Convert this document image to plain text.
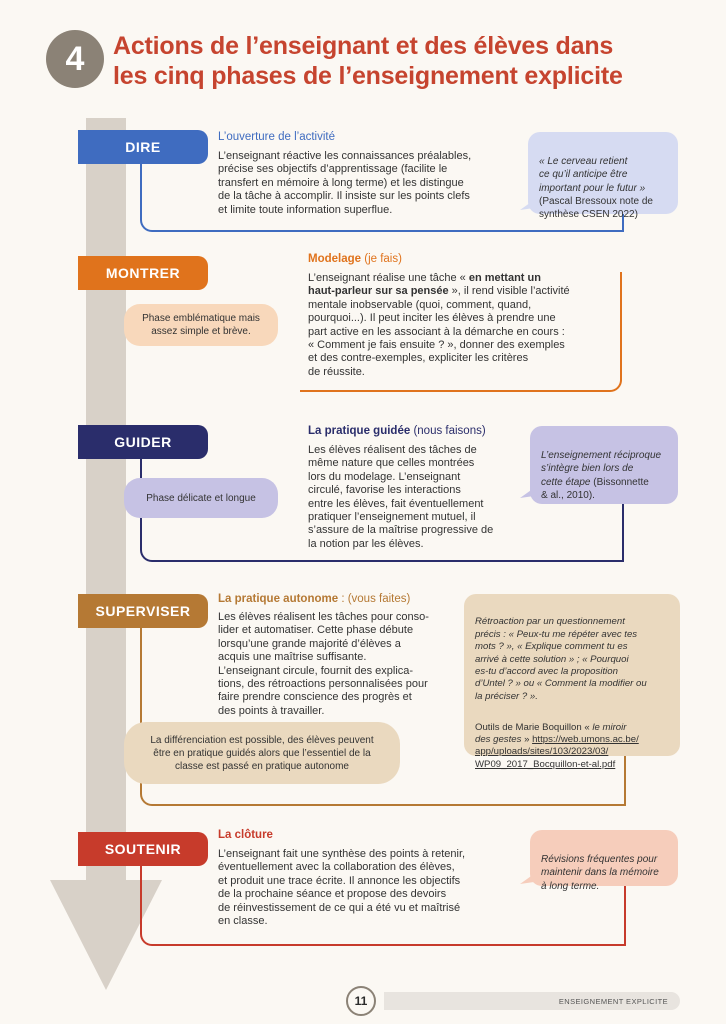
4	Actions de l’enseignant et des élèves dans
les cinq phases de l’enseignement explicite
DIRE
L’ouverture de l’activité
L’enseignant réactive les connaissances préalables,
précise ses objectifs d’apprentissage (facilite le
transfert en mémoire à long terme) et les distingue
de la tâche à accomplir. Il insiste sur les points clefs
et limite toute information superflue.

« Le cerveau retient
ce qu’il anticipe être
important pour le futur »
(Pascal Bressoux note de
synthèse CSEN 2022)

MONTRER
Modelage (je fais)
L’enseignant réalise une tâche « en mettant un
haut-parleur sur sa pensée », il rend visible l’activité
mentale inobservable (quoi, comment, quand,
pourquoi...). Il peut inciter les élèves à prendre une
part active en les associant à la démarche en cours :
« Comment je fais ensuite ? », donner des exemples
et des contre-exemples, expliciter les critères
de réussite.
Phase emblématique mais
assez simple et brève.
GUIDER
La pratique guidée (nous faisons)
Les élèves réalisent des tâches de
même nature que celles montrées
lors du modelage. L’enseignant
circulé, favorise les interactions
entre les élèves, fait éventuellement
pratiquer l’enseignement mutuel, il
s’assure de la maîtrise progressive de
la notion par les élèves.

L’enseignement réciproque
s’intègre bien lors de
cette étape (Bissonnette
& al., 2010).

Phase délicate et longue
SUPERVISER
La pratique autonome : (vous faites)
Les élèves réalisent les tâches pour conso-
lider et automatiser. Cette phase débute
lorsqu’une grande majorité d’élèves a
acquis une maîtrise suffisante.
L’enseignant circule, fournit des explica-
tions, des rétroactions personnalisées pour
faire prendre conscience des progrès et
des points à travailler.

Rétroaction par un questionnement
précis : « Peux-tu me répéter avec tes
mots ? », « Explique comment tu es
arrivé à cette solution » ; « Pourquoi
es-tu d’accord avec la proposition
d’Untel ? » ou « Comment la modifier ou
la préciser ? ».

Outils de Marie Boquillon « le miroir
des gestes » https://web.umons.ac.be/
app/uploads/sites/103/2023/03/
WP09_2017_Bocquillon-et-al.pdf

La différenciation est possible, des élèves peuvent
être en pratique guidés alors que l’essentiel de la
classe est passé en pratique autonome
SOUTENIR
La clôture
L’enseignant fait une synthèse des points à retenir,
éventuellement avec la collaboration des élèves,
et produit une trace écrite. Il annonce les objectifs
de la prochaine séance et propose des devoirs
de réinvestissement de ce qui a été vu et maîtrisé
en classe.

Révisions fréquentes pour
maintenir dans la mémoire
à long terme.

ENSEIGNEMENT EXPLICITE
11
